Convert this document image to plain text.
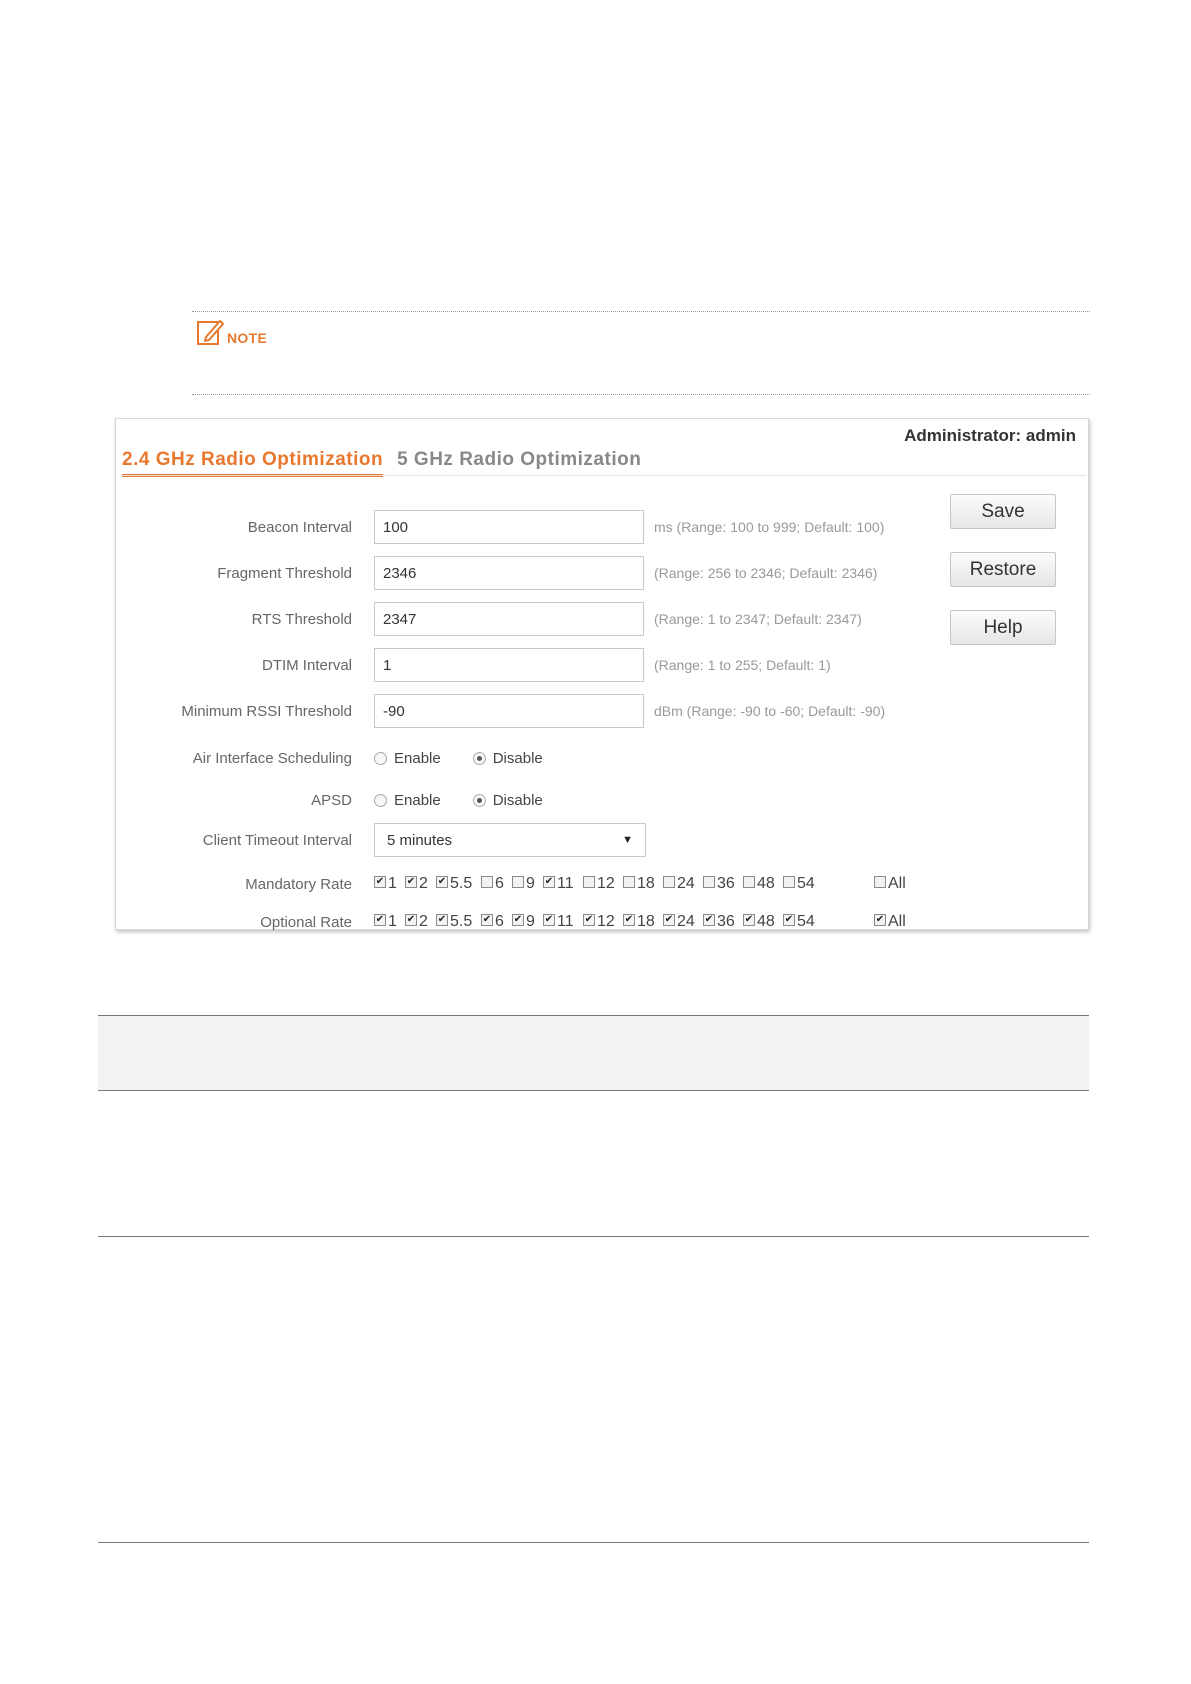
NOTE
Administrator: admin
2.4 GHz Radio Optimization 5 GHz Radio Optimization
Beacon Interval	100	ms (Range: 100 to 999; Default: 100)
Fragment Threshold	2346	(Range: 256 to 2346; Default: 2346)
RTS Threshold	2347	(Range: 1 to 2347; Default: 2347)
DTIM Interval	1	(Range: 1 to 255; Default: 1)
Minimum RSSI Threshold	-90	dBm (Range: -90 to -60; Default: -90)
Air Interface Scheduling	Enable	Disable
APSD	Enable	Disable
Client Timeout Interval	5 minutes	▼
Mandatory Rate	✔ 1 ✔ 2 ✔ 5.5 6 9 ✔ 11 12 18 24 36 48 54	All
Optional Rate	✔ 1 ✔ 2 ✔ 5.5 ✔ 6 ✔ 9 ✔ 11 ✔ 12 ✔ 18 ✔ 24 ✔ 36 ✔ 48 ✔ 54	✔ All
Save
Restore
Help
